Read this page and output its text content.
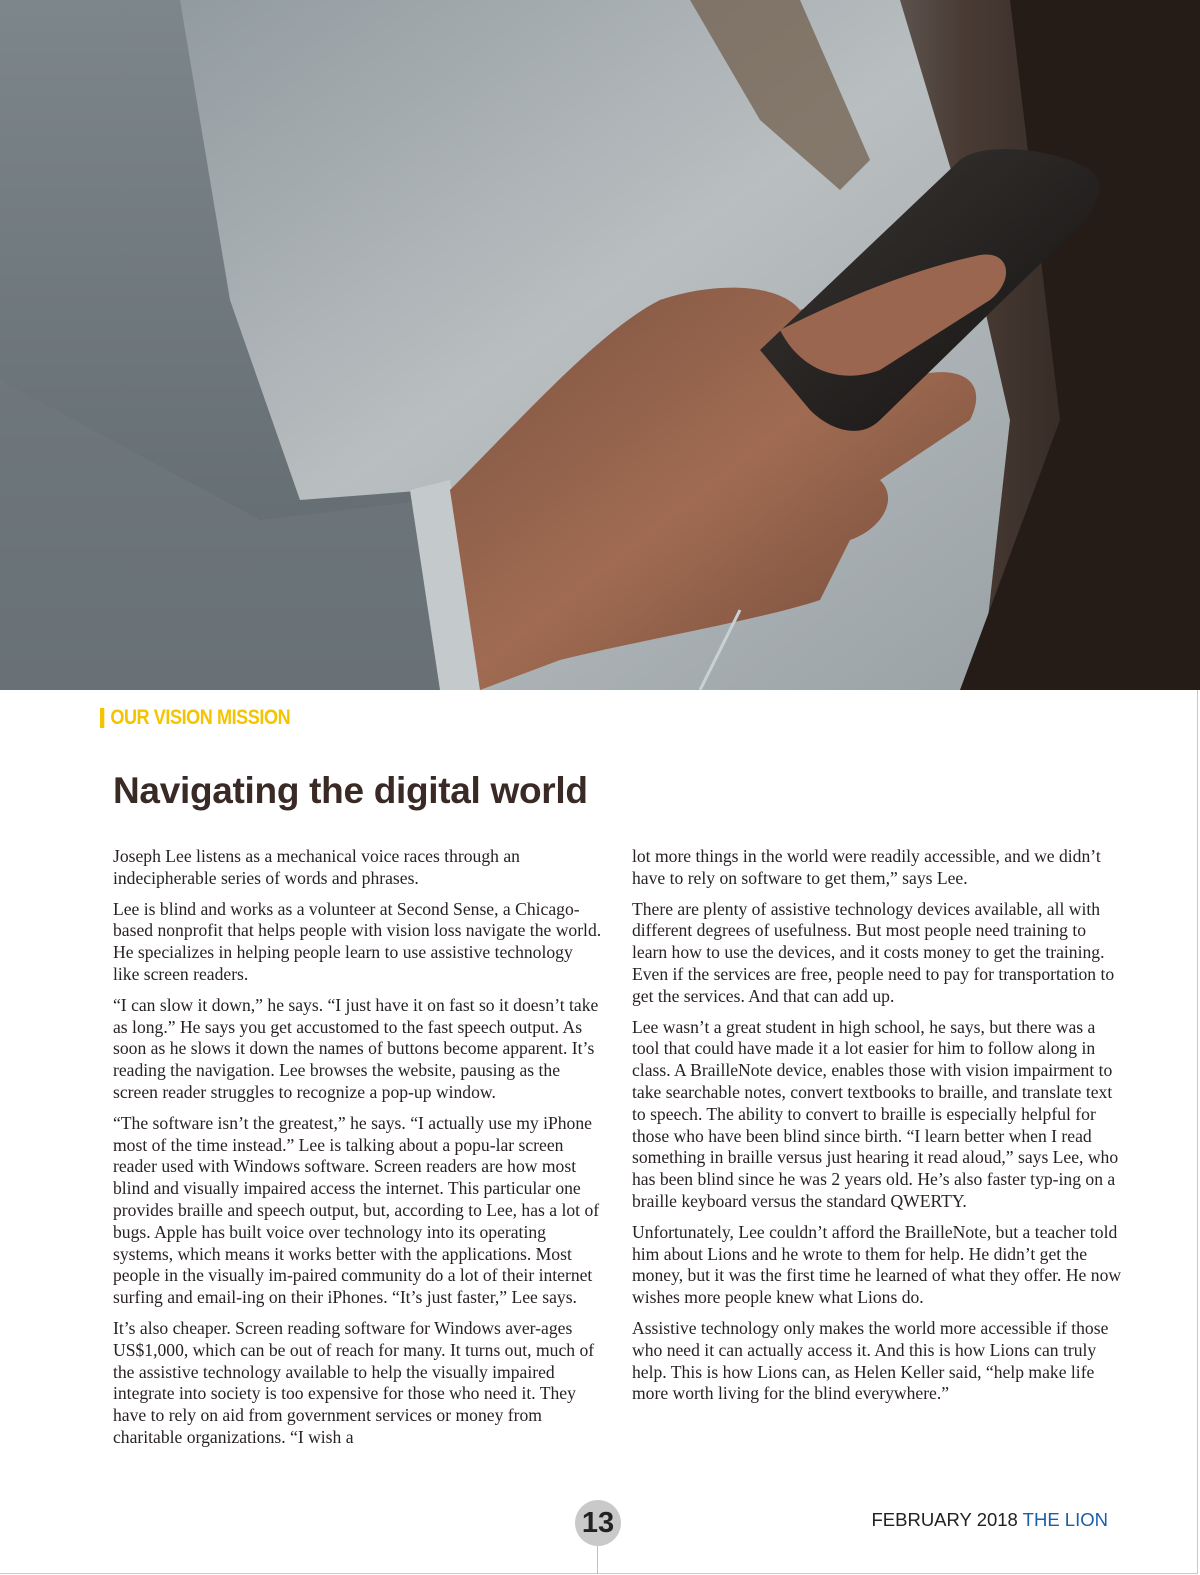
OUR VISION MISSION
Navigating the digital world

Joseph Lee listens as a mechanical voice races through an indecipherable series of words and phrases.

Lee is blind and works as a volunteer at Second Sense, a Chicago-based nonprofit that helps people with vision loss navigate the world. He specializes in helping people learn to use assistive technology like screen readers.

“I can slow it down,” he says. “I just have it on fast so it doesn’t take as long.” He says you get accustomed to the fast speech output. As soon as he slows it down the names of buttons become apparent. It’s reading the navigation. Lee browses the website, pausing as the screen reader struggles to recognize a pop-up window.

“The software isn’t the greatest,” he says. “I actually use my iPhone most of the time instead.” Lee is talking about a popu-lar screen reader used with Windows software. Screen readers are how most blind and visually impaired access the internet. This particular one provides braille and speech output, but, according to Lee, has a lot of bugs. Apple has built voice over technology into its operating systems, which means it works better with the applications. Most people in the visually im-paired community do a lot of their internet surfing and email-ing on their iPhones. “It’s just faster,” Lee says.

It’s also cheaper. Screen reading software for Windows aver-ages US$1,000, which can be out of reach for many. It turns out, much of the assistive technology available to help the visually impaired integrate into society is too expensive for those who need it. They have to rely on aid from government services or money from charitable organizations. “I wish a

lot more things in the world were readily accessible, and we didn’t have to rely on software to get them,” says Lee.

There are plenty of assistive technology devices available, all with different degrees of usefulness. But most people need training to learn how to use the devices, and it costs money to get the training. Even if the services are free, people need to pay for transportation to get the services. And that can add up.

Lee wasn’t a great student in high school, he says, but there was a tool that could have made it a lot easier for him to follow along in class. A BrailleNote device, enables those with vision impairment to take searchable notes, convert textbooks to braille, and translate text to speech. The ability to convert to braille is especially helpful for those who have been blind since birth. “I learn better when I read something in braille versus just hearing it read aloud,” says Lee, who has been blind since he was 2 years old. He’s also faster typ-ing on a braille keyboard versus the standard QWERTY.

Unfortunately, Lee couldn’t afford the BrailleNote, but a teacher told him about Lions and he wrote to them for help. He didn’t get the money, but it was the first time he learned of what they offer. He now wishes more people knew what Lions do.

Assistive technology only makes the world more accessible if those who need it can actually access it. And this is how Lions can truly help. This is how Lions can, as Helen Keller said, “help make life more worth living for the blind everywhere.”

13	FEBRUARY 2018 THE LION
